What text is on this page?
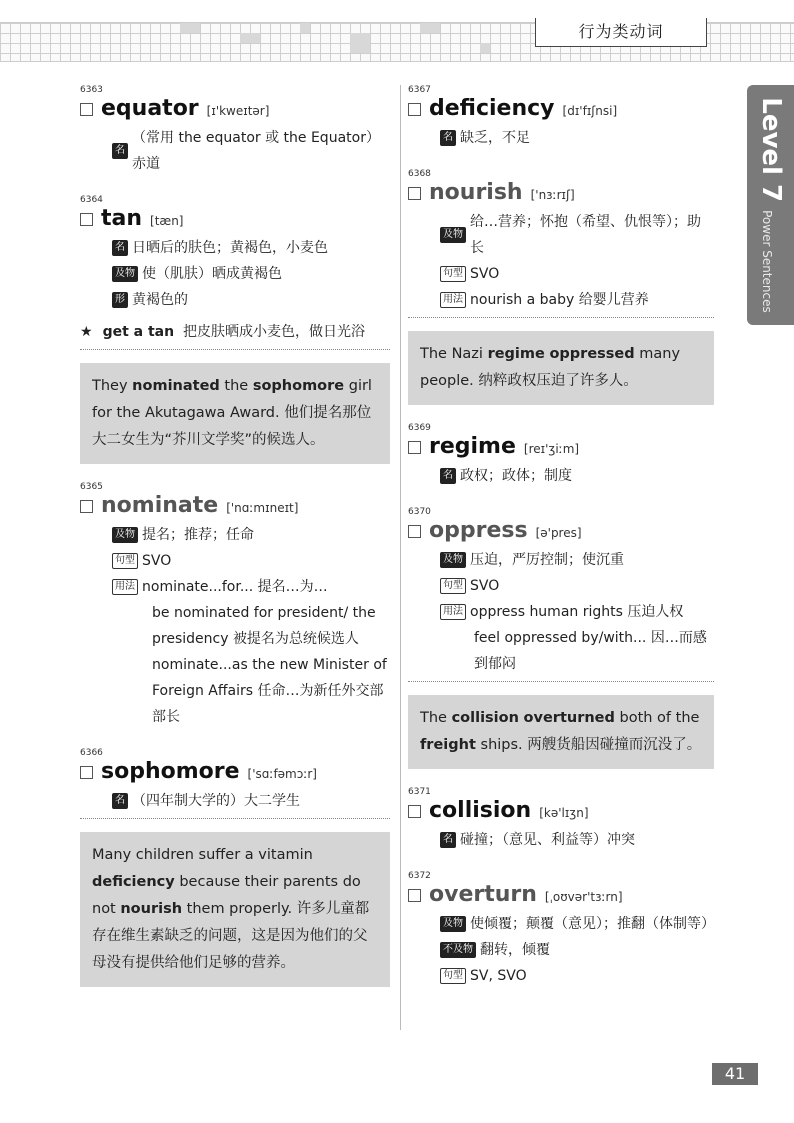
行为类动词
Level 7Power Sentences
6363
equator [ɪ'kweɪtər]
名
（常用 the equator 或 the Equator）赤道
6364
tan [tæn]
名 日晒后的肤色；黄褐色，小麦色
及物 使（肌肤）晒成黄褐色
形 黄褐色的
★ get a tan 把皮肤晒成小麦色，做日光浴
They nominated the sophomore girl for the Akutagawa Award. 他们提名那位大二女生为“芥川文学奖”的候选人。
6365
nominate ['nɑːmɪneɪt]
及物 提名；推荐；任命
句型 SVO
用法 nominate...for... 提名…为…
be nominated for president/ the presidency 被提名为总统候选人
nominate...as the new Minister of Foreign Affairs 任命…为新任外交部部长
6366
sophomore ['sɑːfəmɔːr]
名 （四年制大学的）大二学生
Many children suffer a vitamin deficiency because their parents do not nourish them properly. 许多儿童都存在维生素缺乏的问题，这是因为他们的父母没有提供给他们足够的营养。
6367
deficiency [dɪ'fɪʃnsi]
名 缺乏，不足
6368
nourish ['nɜːrɪʃ]
及物
给…营养；怀抱（希望、仇恨等）；助长
句型 SVO
用法 nourish a baby 给婴儿营养
The Nazi regime oppressed many people. 纳粹政权压迫了许多人。
6369
regime [reɪ'ʒiːm]
名 政权；政体；制度
6370
oppress [ə'pres]
及物 压迫，严厉控制；使沉重
句型 SVO
用法 oppress human rights 压迫人权
feel oppressed by/with... 因…而感到郁闷
The collision overturned both of the freight ships. 两艘货船因碰撞而沉没了。
6371
collision [kə'lɪʒn]
名 碰撞；（意见、利益等）冲突
6372
overturn [ˌoʊvər'tɜːrn]
及物 使倾覆；颠覆（意见）；推翻（体制等）
不及物 翻转，倾覆
句型 SV, SVO
41
